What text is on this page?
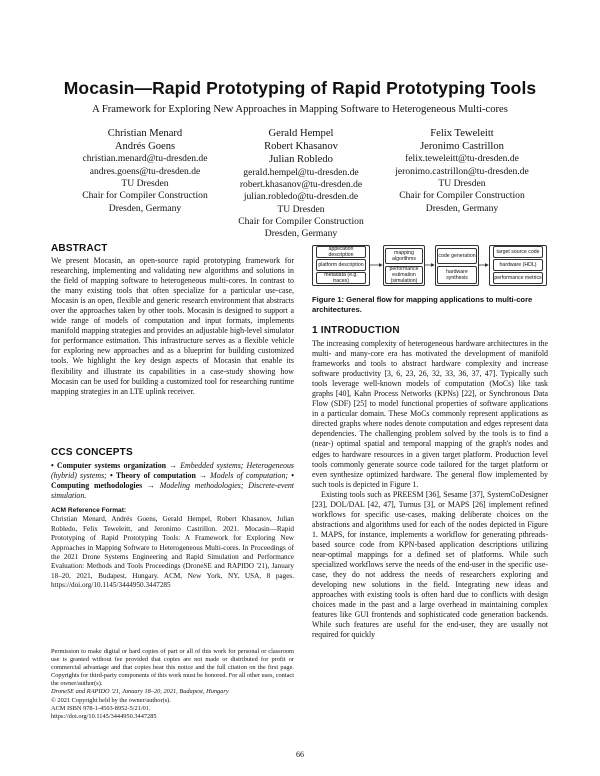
Mocasin—Rapid Prototyping of Rapid Prototyping Tools
A Framework for Exploring New Approaches in Mapping Software to Heterogeneous Multi-cores
Christian Menard
Andrés Goens
christian.menard@tu-dresden.de
andres.goens@tu-dresden.de
TU Dresden
Chair for Compiler Construction
Dresden, Germany
Gerald Hempel
Robert Khasanov
Julian Robledo
gerald.hempel@tu-dresden.de
robert.khasanov@tu-dresden.de
julian.robledo@tu-dresden.de
TU Dresden
Chair for Compiler Construction
Dresden, Germany
Felix Teweleitt
Jeronimo Castrillon
felix.teweleitt@tu-dresden.de
jeronimo.castrillon@tu-dresden.de
TU Dresden
Chair for Compiler Construction
Dresden, Germany
ABSTRACT

We present Mocasin, an open-source rapid prototyping framework for researching, implementing and validating new algorithms and solutions in the field of mapping software to heterogeneous multi-cores. In contrast to the many existing tools that often specialize for a particular use-case, Mocasin is an open, flexible and generic research environment that abstracts over the approaches taken by other tools. Mocasin is designed to support a wide range of models of computation and input formats, implements manifold mapping strategies and provides an adjustable high-level simulator for performance estimation. This infrastructure serves as a flexible vehicle for exploring new approaches and as a blueprint for building customized tools. We highlight the key design aspects of Mocasin that enable its flexibility and illustrate its capabilities in a case-study showing how Mocasin can be used for building a customized tool for researching runtime mapping strategies in an LTE uplink receiver.

CCS CONCEPTS

• Computer systems organization → Embedded systems; Heterogeneous (hybrid) systems; • Theory of computation → Models of computation; • Computing methodologies → Modeling methodologies; Discrete-event simulation.

ACM Reference Format:

Christian Menard, Andrés Goens, Gerald Hempel, Robert Khasanov, Julian Robledo, Felix Teweleitt, and Jeronimo Castrillon. 2021. Mocasin—Rapid Prototyping of Rapid Prototyping Tools: A Framework for Exploring New Approaches in Mapping Software to Heterogeneous Multi-cores. In Proceedings of the 2021 Drone Systems Engineering and Rapid Simulation and Performance Evaluation: Methods and Tools Proceedings (DroneSE and RAPIDO '21), January 18–20, 2021, Budapest, Hungary. ACM, New York, NY, USA, 8 pages. https://doi.org/10.1145/3444950.3447285

Permission to make digital or hard copies of part or all of this work for personal or classroom use is granted without fee provided that copies are not made or distributed for profit or commercial advantage and that copies bear this notice and the full citation on the first page. Copyrights for third-party components of this work must be honored. For all other uses, contact the owner/author(s).

DroneSE and RAPIDO '21, January 18–20, 2021, Budapest, Hungary

© 2021 Copyright held by the owner/author(s).

ACM ISBN 978-1-4503-8952-5/21/01.

https://doi.org/10.1145/3444950.3447285

application description
platform description
metadata (e.g. traces)
mapping algorithms
performance estimation (simulation)
code generation
hardware synthesis
target source code
hardware (HDL)
performance metrics
Figure 1: General flow for mapping applications to multi-core architectures.
1 INTRODUCTION

The increasing complexity of heterogeneous hardware architectures in the multi- and many-core era has motivated the development of manifold frameworks and tools to abstract hardware complexity and increase software productivity [3, 6, 23, 26, 32, 33, 36, 37, 47]. Typically such tools leverage well-known models of computation (MoCs) like task graphs [40], Kahn Process Networks (KPNs) [22], or Synchronous Data Flow (SDF) [25] to model functional properties of software applications in a particular domain. These MoCs commonly represent applications as directed graphs where nodes denote computation and edges represent data dependencies. The challenging problem solved by the tools is to find a (near-) optimal spatial and temporal mapping of the graph's nodes and edges to hardware resources in a given target platform. Production level tools commonly generate source code tailored for the target platform or even synthesize optimized hardware. The general flow implemented by such tools is depicted in Figure 1.

Existing tools such as PREESM [36], Sesame [37], SystemCoDesigner [23], DOL/DAL [42, 47], Turnus [3], or MAPS [26] implement refined workflows for specific use-cases, making deliberate choices on the abstractions and algorithms used for each of the nodes depicted in Figure 1. MAPS, for instance, implements a workflow for generating pthreads-based source code from KPN-based application descriptions utilizing near-optimal mappings for a defined set of platforms. While such specialized workflows serve the needs of the end-user in the specific use-case, they do not address the needs of researchers exploring and developing new solutions in the field. Integrating new ideas and approaches with existing tools is often hard due to conflicts with design choices made in the past and a large overhead in maintaining complex features like GUI frontends and sophisticated code generation backends. While such features are useful for the end-user, they are usually not required for quickly

66
